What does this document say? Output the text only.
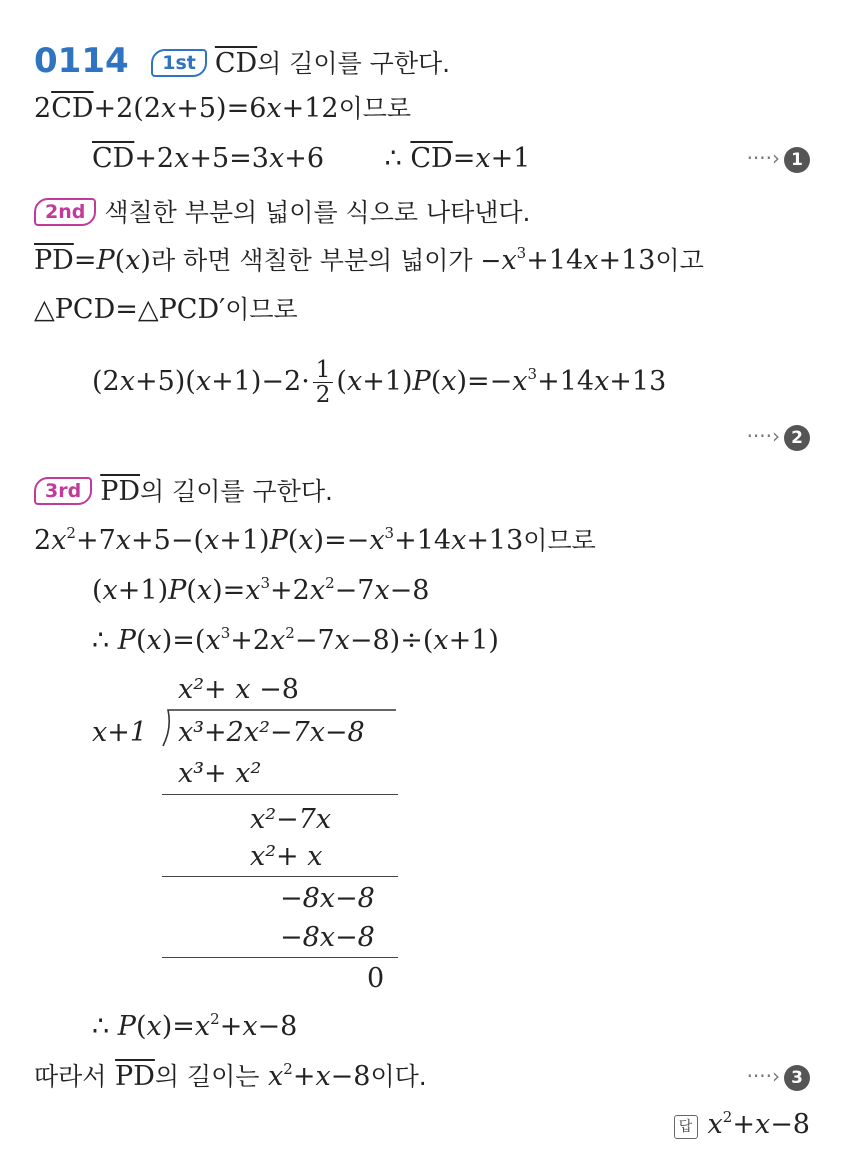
0114 1st $\overline{CD}$의 길이를 구한다.
$2\overline{CD}+2(2x+5)=6x+12$이므로
$\overline{CD}+2x+5=3x+6$ ∴ $\overline{CD}=x+1$	····› 1
2nd 색칠한 부분의 넓이를 식으로 나타낸다.
$\overline{PD}=P(x)$라 하면 색칠한 부분의 넓이가 $-x^3+14x+13$이고
△PCD=△PCD′이므로
$(2x+5)(x+1)-2\cdot \frac{1}{2} (x+1)P(x)=-x^3+14x+13$
····› 2
3rd $\overline{PD}$의 길이를 구한다.
$2x^2+7x+5-(x+1)P(x)=-x^3+14x+13$이므로
$(x+1)P(x)=x^3+2x^2-7x-8$
∴ $P(x)=(x^3+2x^2-7x-8)\div(x+1)$
x²+ x −8
x+1 x³+2x²−7x−8
x³+ x²
x²−7x
x²+ x
−8x−8
−8x−8
0
∴ $P(x)=x^2+x-8$
따라서 $\overline{PD}$의 길이는 $x^2+x-8$이다.	····› 3
답 $x^2+x-8$
